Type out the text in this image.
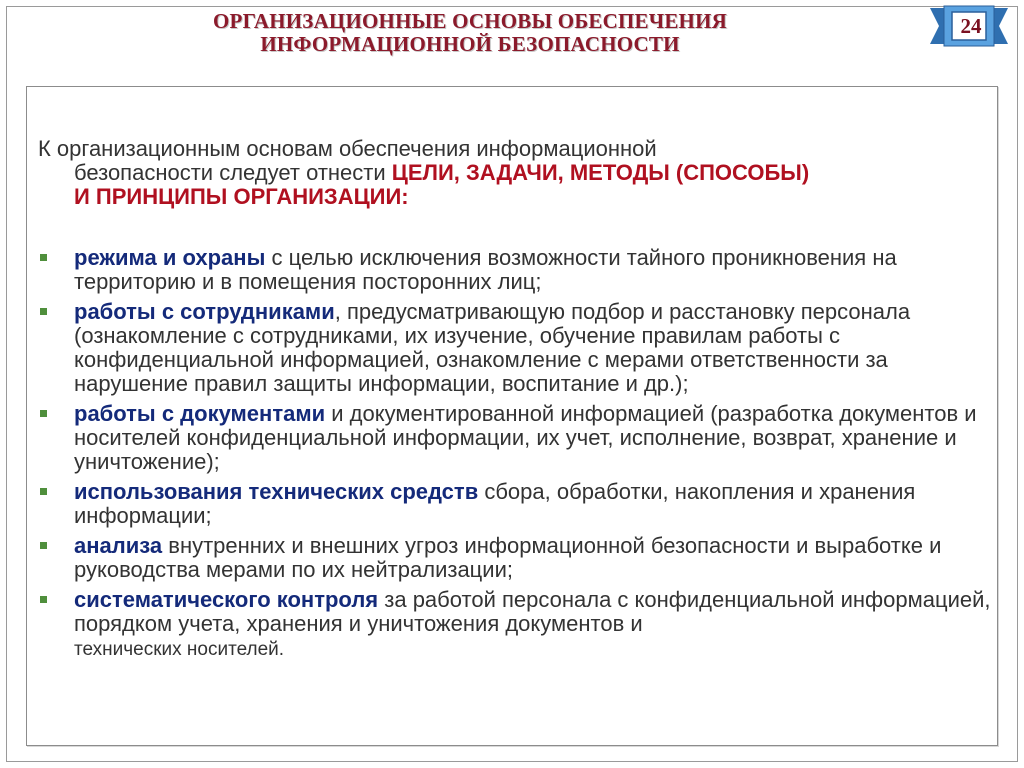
ОРГАНИЗАЦИОННЫЕ ОСНОВЫ ОБЕСПЕЧЕНИЯ
ИНФОРМАЦИОННОЙ БЕЗОПАСНОСТИ
24
К организационным основам обеспечения информационной
безопасности следует отнести ЦЕЛИ, ЗАДАЧИ, МЕТОДЫ (СПОСОБЫ)
И ПРИНЦИПЫ ОРГАНИЗАЦИИ:
режима и охраны с целью исключения возможности тайного проникновения на территорию и в помещения посторонних лиц;
работы с сотрудниками, предусматривающую подбор и расстановку персонала (ознакомление с сотрудниками, их изучение, обучение правилам работы с конфиденциальной информацией, ознакомление с мерами ответственности за нарушение правил защиты информации, воспитание и др.);
работы с документами и документированной информацией (разработка документов и носителей конфиденциальной информации, их учет, исполнение, возврат, хранение и уничтожение);
использования технических средств сбора, обработки, накопления и хранения информации;
анализа внутренних и внешних угроз информационной безопасности и выработке и руководства мерами по их нейтрализации;
систематического контроля за работой персонала с конфиденциальной информацией, порядком учета, хранения и уничтожения документов и
технических носителей.
